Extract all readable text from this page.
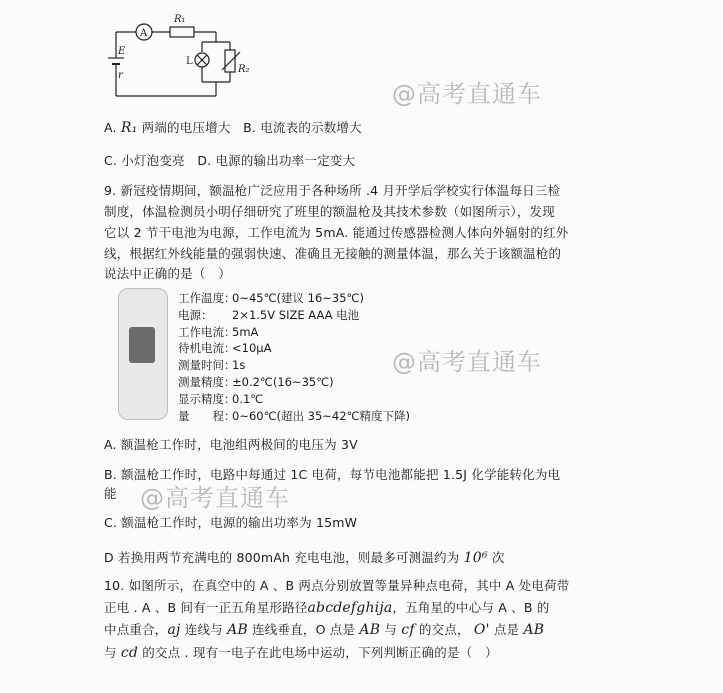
A
R₁
E
r
L
R₂
@高考直通车
@高考直通车
@高考直通车
A. R₁ 两端的电压增大 B. 电流表的示数增大
C. 小灯泡变亮 D. 电源的输出功率一定变大
9. 新冠疫情期间，额温枪广泛应用于各种场所 .4 月开学后学校实行体温每日三检
制度，体温检测员小明仔细研究了班里的额温枪及其技术参数（如图所示），发现
它以 2 节干电池为电源，工作电流为 5mA. 能通过传感器检测人体向外辐射的红外
线，根据红外线能量的强弱快速、准确且无接触的测量体温，那么关于该额温枪的
说法中正确的是（　）
工作温度：0~45℃(建议 16~35℃)
电源： 2×1.5V SIZE AAA 电池
工作电流：5mA
待机电流：<10μA
测量时间：1s
测量精度：±0.2℃(16~35℃)
显示精度：0.1℃
量　　程：0~60℃(超出 35~42℃精度下降)
A. 额温枪工作时，电池组两极间的电压为 3V
B. 额温枪工作时，电路中每通过 1C 电荷，每节电池都能把 1.5J 化学能转化为电
能
C. 额温枪工作时，电源的输出功率为 15mW
D 若换用两节充满电的 800mAh 充电电池，则最多可测温约为 10⁶ 次
10. 如图所示，在真空中的 A 、B 两点分别放置等量异种点电荷，其中 A 处电荷带
正电 . A 、B 间有一正五角星形路径abcdefghija，五角星的中心与 A 、B 的
中点重合，aj 连线与 AB 连线垂直，O 点是 AB 与 cf 的交点， O' 点是 AB
与 cd 的交点 . 现有一电子在此电场中运动，下列判断正确的是（　）
